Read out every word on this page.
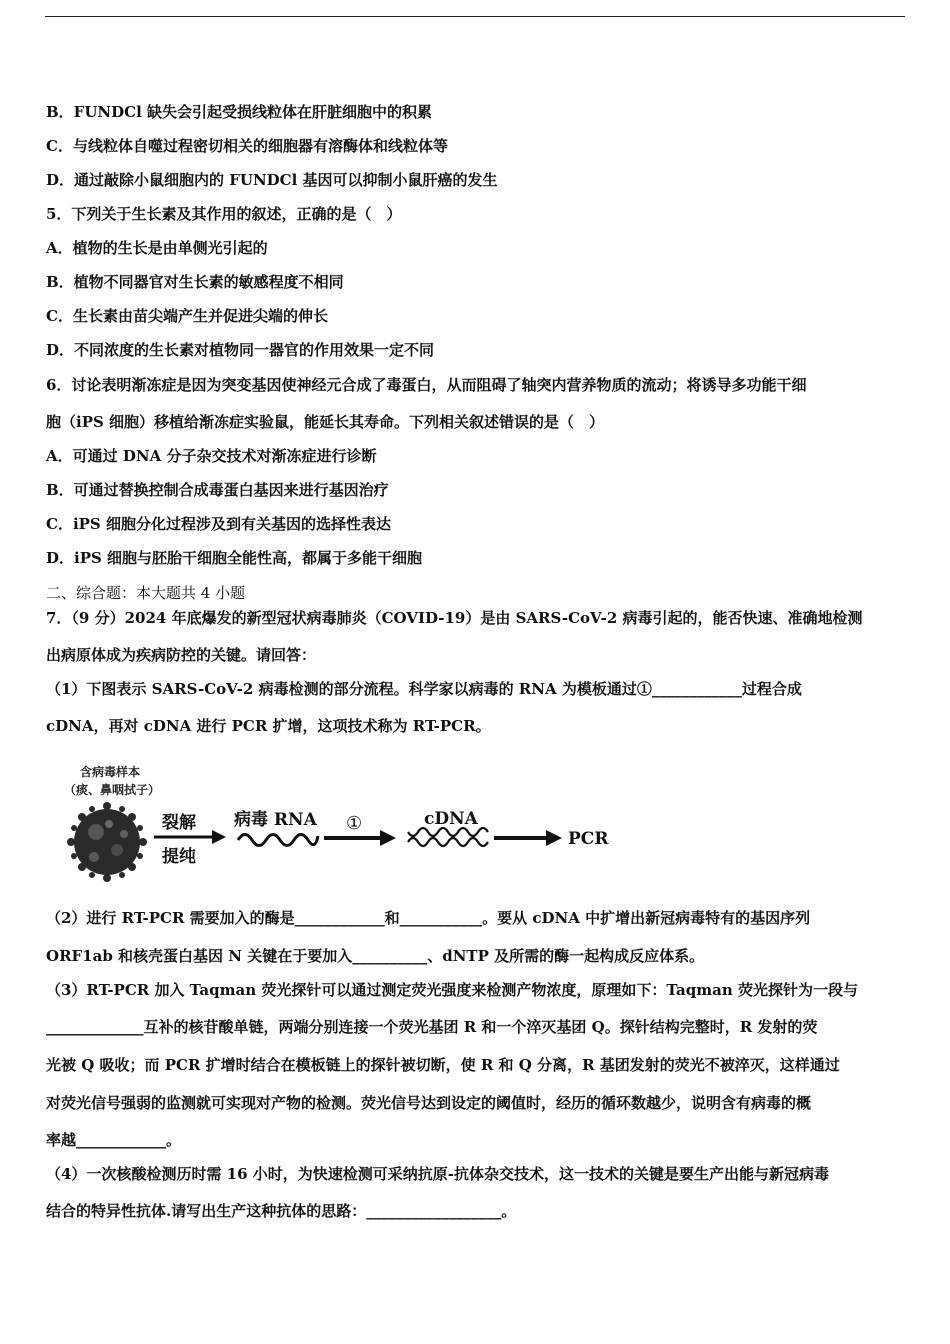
B．FUNDCl 缺失会引起受损线粒体在肝脏细胞中的积累
C．与线粒体自噬过程密切相关的细胞器有溶酶体和线粒体等
D．通过敲除小鼠细胞内的 FUNDCl 基因可以抑制小鼠肝癌的发生
5．下列关于生长素及其作用的叙述，正确的是（　）
A．植物的生长是由单侧光引起的
B．植物不同器官对生长素的敏感程度不相同
C．生长素由苗尖端产生并促进尖端的伸长
D．不同浓度的生长素对植物同一器官的作用效果一定不同
6．讨论表明渐冻症是因为突变基因使神经元合成了毒蛋白，从而阻碍了轴突内营养物质的流动；将诱导多功能干细
胞（iPS 细胞）移植给渐冻症实验鼠，能延长其寿命。下列相关叙述错误的是（　）
A．可通过 DNA 分子杂交技术对渐冻症进行诊断
B．可通过替换控制合成毒蛋白基因来进行基因治疗
C．iPS 细胞分化过程涉及到有关基因的选择性表达
D．iPS 细胞与胚胎干细胞全能性高，都属于多能干细胞
二、综合题：本大题共 4 小题
7．（9 分）2024 年底爆发的新型冠状病毒肺炎（COVID-19）是由 SARS-CoV-2 病毒引起的，能否快速、准确地检测
出病原体成为疾病防控的关键。请回答：
（1）下图表示 SARS-CoV-2 病毒检测的部分流程。科学家以病毒的 RNA 为模板通过①____________过程合成
cDNA，再对 cDNA 进行 PCR 扩增，这项技术称为 RT-PCR。
含病毒样本
（痰、鼻咽拭子）
裂解
提纯
病毒 RNA ①	cDNA
PCR
（2）进行 RT-PCR 需要加入的酶是____________和___________。要从 cDNA 中扩增出新冠病毒特有的基因序列
ORF1ab 和核壳蛋白基因 N 关键在于要加入__________、dNTP 及所需的酶一起构成反应体系。
（3）RT-PCR 加入 Taqman 荧光探针可以通过测定荧光强度来检测产物浓度，原理如下：Taqman 荧光探针为一段与
_____________互补的核苷酸单链，两端分别连接一个荧光基团 R 和一个淬灭基团 Q。探针结构完整时，R 发射的荧
光被 Q 吸收；而 PCR 扩增时结合在模板链上的探针被切断，使 R 和 Q 分离，R 基团发射的荧光不被淬灭，这样通过
对荧光信号强弱的监测就可实现对产物的检测。荧光信号达到设定的阈值时，经历的循环数越少，说明含有病毒的概
率越____________。
（4）一次核酸检测历时需 16 小时，为快速检测可采纳抗原-抗体杂交技术，这一技术的关键是要生产出能与新冠病毒
结合的特异性抗体.请写出生产这种抗体的思路：__________________。
